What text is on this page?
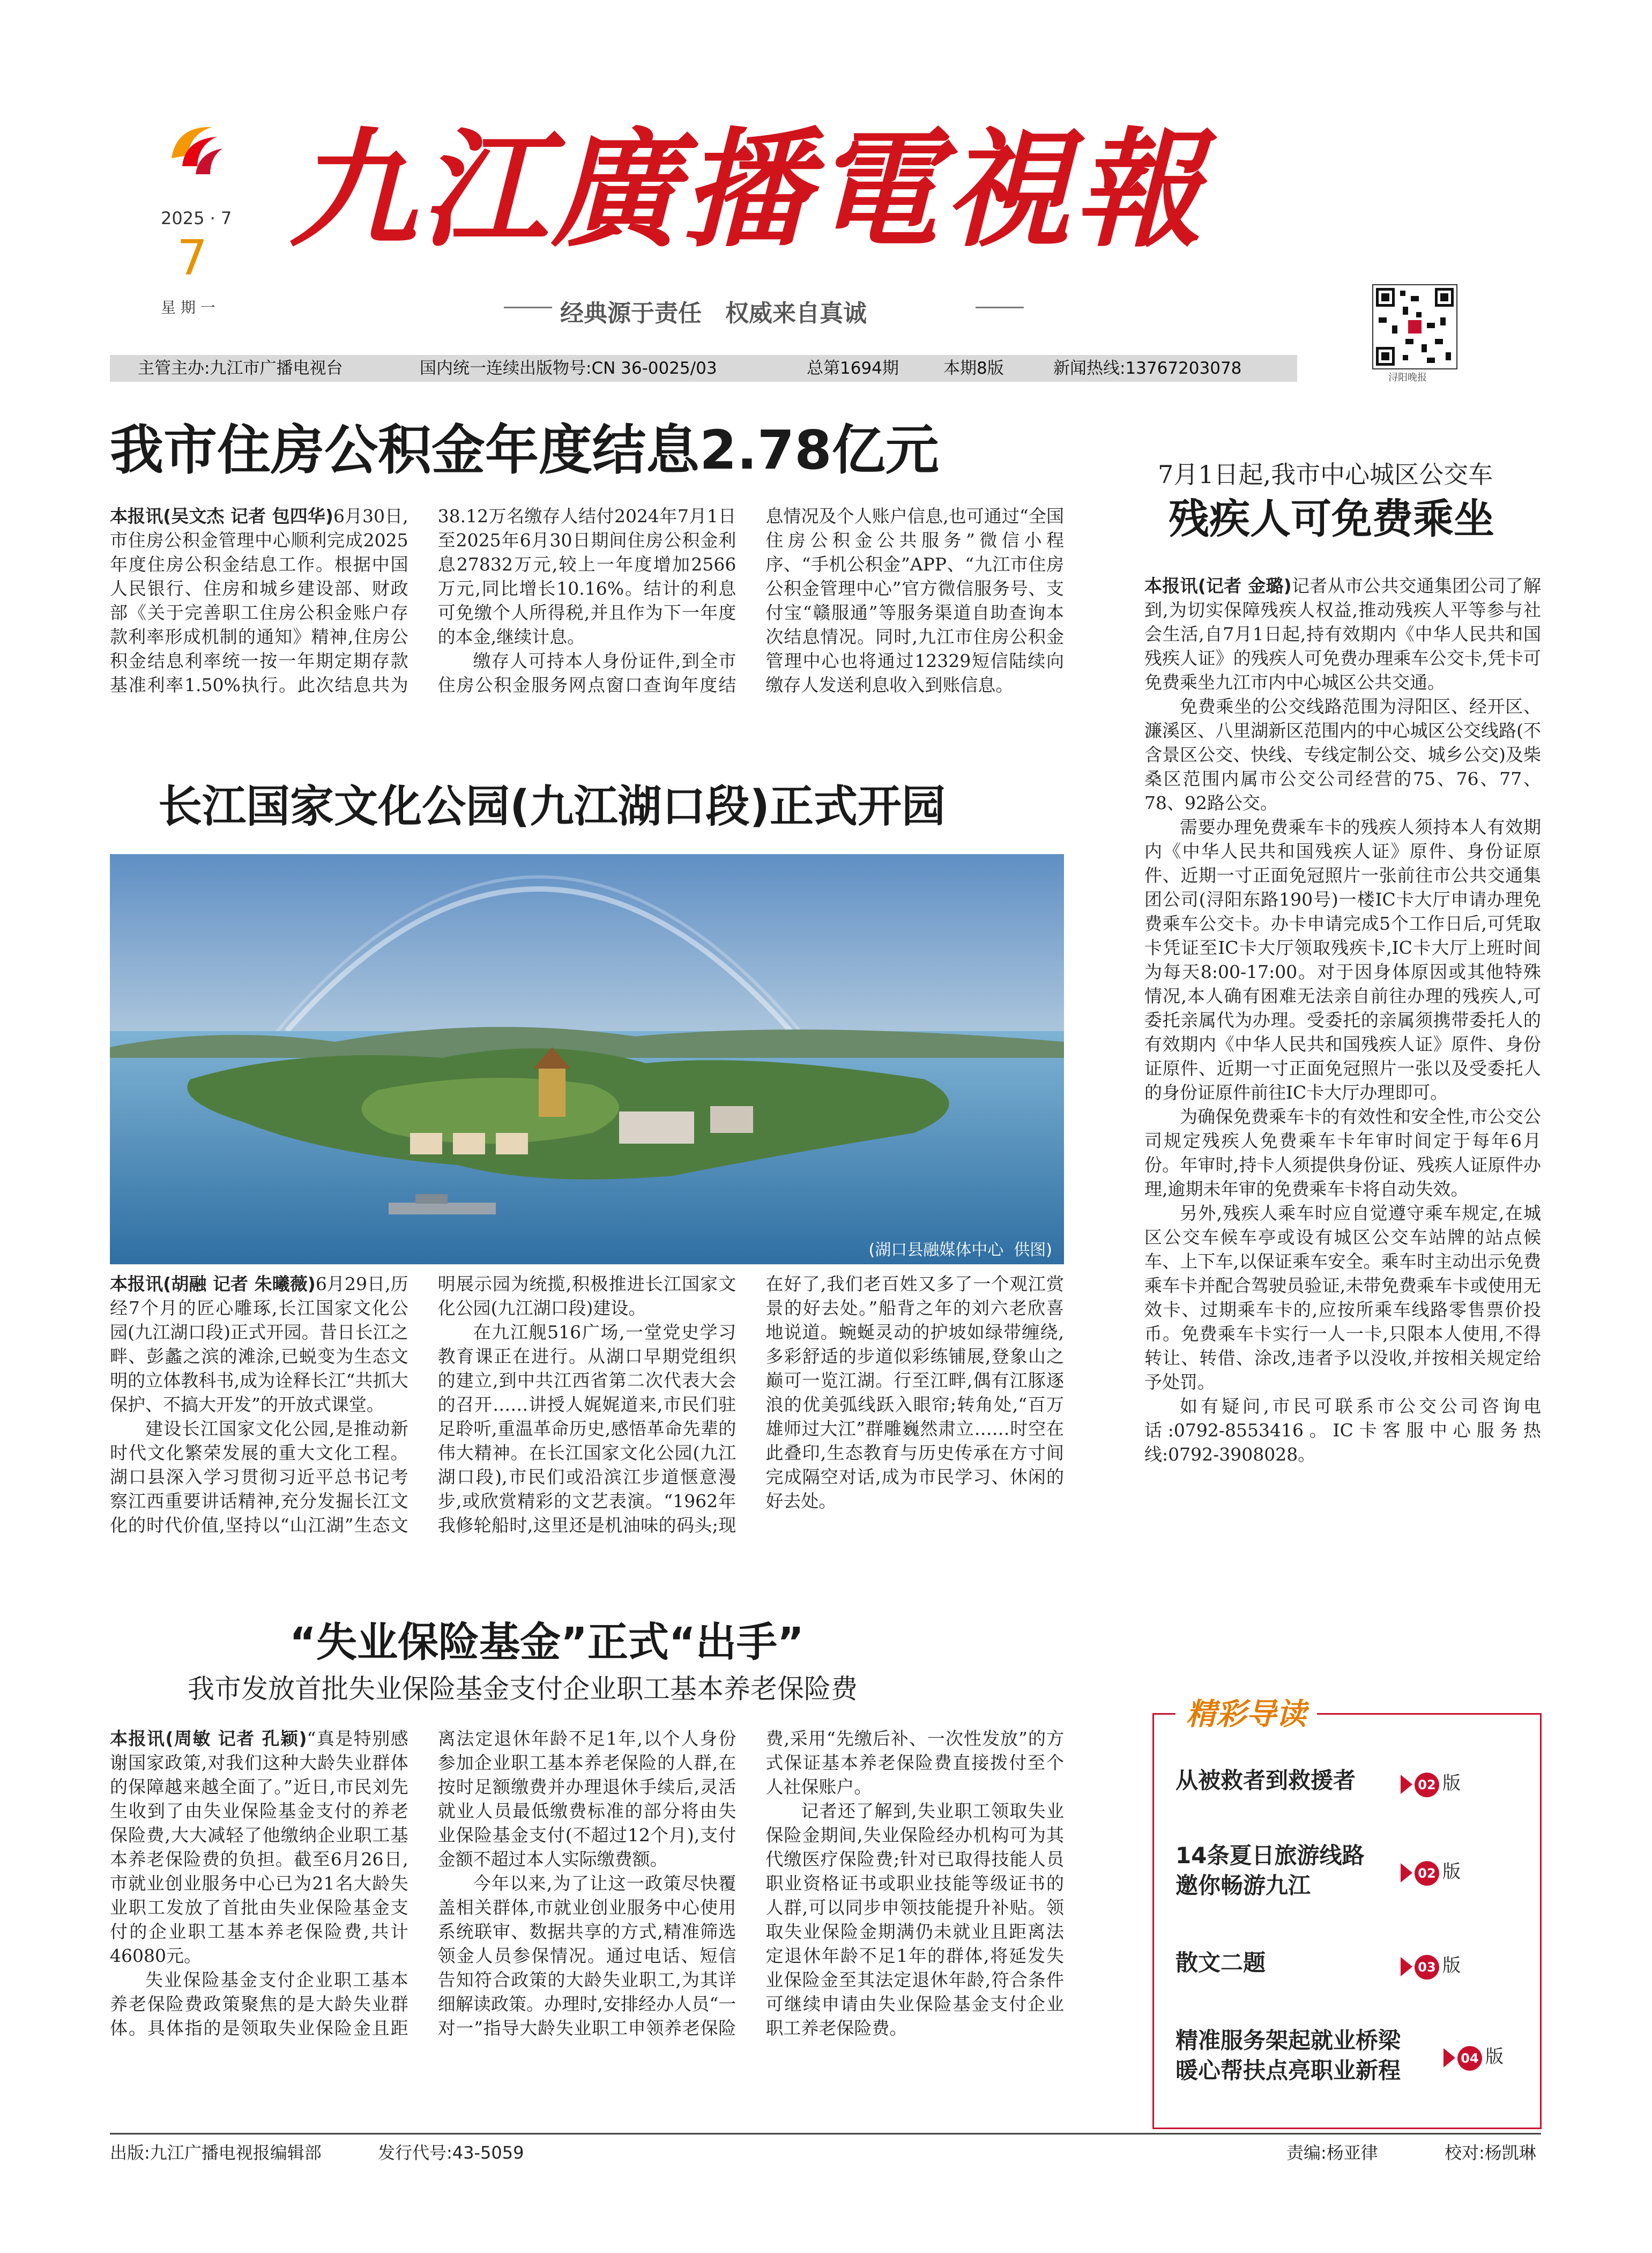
2025 · 7
7
星 期 一
九江廣播電視報
经典源于责任　权威来自真诚
浔阳晚报
主管主办:九江市广播电视台	国内统一连续出版物号:CN 36-0025/03	总第1694期	本期8版	新闻热线:13767203078
我市住房公积金年度结息2.78亿元

本报讯(吴文杰 记者 包四华)6月30日,市住房公积金管理中心顺利完成2025年度住房公积金结息工作。根据中国人民银行、住房和城乡建设部、财政部《关于完善职工住房公积金账户存款利率形成机制的通知》精神,住房公积金结息利率统一按一年期定期存款基准利率1.50%执行。此次结息共为38.12万名缴存人结付2024年7月1日至2025年6月30日期间住房公积金利息27832万元,较上一年度增加2566万元,同比增长10.16%。结计的利息可免缴个人所得税,并且作为下一年度的本金,继续计息。

缴存人可持本人身份证件,到全市住房公积金服务网点窗口查询年度结息情况及个人账户信息,也可通过“全国住房公积金公共服务”微信小程序、“手机公积金”APP、“九江市住房公积金管理中心”官方微信服务号、支付宝“赣服通”等服务渠道自助查询本次结息情况。同时,九江市住房公积金管理中心也将通过12329短信陆续向缴存人发送利息收入到账信息。

长江国家文化公园(九江湖口段)正式开园
(湖口县融媒体中心  供图)

本报讯(胡融 记者 朱曦薇)6月29日,历经7个月的匠心雕琢,长江国家文化公园(九江湖口段)正式开园。昔日长江之畔、彭蠡之滨的滩涂,已蜕变为生态文明的立体教科书,成为诠释长江“共抓大保护、不搞大开发”的开放式课堂。

建设长江国家文化公园,是推动新时代文化繁荣发展的重大文化工程。湖口县深入学习贯彻习近平总书记考察江西重要讲话精神,充分发掘长江文化的时代价值,坚持以“山江湖”生态文明展示园为统揽,积极推进长江国家文化公园(九江湖口段)建设。

在九江舰516广场,一堂党史学习教育课正在进行。从湖口早期党组织的建立,到中共江西省第二次代表大会的召开……讲授人娓娓道来,市民们驻足聆听,重温革命历史,感悟革命先辈的伟大精神。在长江国家文化公园(九江湖口段),市民们或沿滨江步道惬意漫步,或欣赏精彩的文艺表演。“1962年我修轮船时,这里还是机油味的码头;现在好了,我们老百姓又多了一个观江赏景的好去处。”船背之年的刘六老欣喜地说道。蜿蜒灵动的护坡如绿带缠绕,多彩舒适的步道似彩练铺展,登象山之巅可一览江湖。行至江畔,偶有江豚逐浪的优美弧线跃入眼帘;转角处,“百万雄师过大江”群雕巍然肃立……时空在此叠印,生态教育与历史传承在方寸间完成隔空对话,成为市民学习、休闲的好去处。

“失业保险基金”正式“出手”
我市发放首批失业保险基金支付企业职工基本养老保险费

本报讯(周敏 记者 孔颖)“真是特别感谢国家政策,对我们这种大龄失业群体的保障越来越全面了。”近日,市民刘先生收到了由失业保险基金支付的养老保险费,大大减轻了他缴纳企业职工基本养老保险费的负担。截至6月26日,市就业创业服务中心已为21名大龄失业职工发放了首批由失业保险基金支付的企业职工基本养老保险费,共计46080元。

失业保险基金支付企业职工基本养老保险费政策聚焦的是大龄失业群体。具体指的是领取失业保险金且距离法定退休年龄不足1年,以个人身份参加企业职工基本养老保险的人群,在按时足额缴费并办理退休手续后,灵活就业人员最低缴费标准的部分将由失业保险基金支付(不超过12个月),支付金额不超过本人实际缴费额。

今年以来,为了让这一政策尽快覆盖相关群体,市就业创业服务中心使用系统联审、数据共享的方式,精准筛选领金人员参保情况。通过电话、短信告知符合政策的大龄失业职工,为其详细解读政策。办理时,安排经办人员“一对一”指导大龄失业职工申领养老保险费,采用“先缴后补、一次性发放”的方式保证基本养老保险费直接拨付至个人社保账户。

记者还了解到,失业职工领取失业保险金期间,失业保险经办机构可为其代缴医疗保险费;针对已取得技能人员职业资格证书或职业技能等级证书的人群,可以同步申领技能提升补贴。领取失业保险金期满仍未就业且距离法定退休年龄不足1年的群体,将延发失业保险金至其法定退休年龄,符合条件可继续申请由失业保险基金支付企业职工养老保险费。

7月1日起,我市中心城区公交车
残疾人可免费乘坐

本报讯(记者 金璐)记者从市公共交通集团公司了解到,为切实保障残疾人权益,推动残疾人平等参与社会生活,自7月1日起,持有效期内《中华人民共和国残疾人证》的残疾人可免费办理乘车公交卡,凭卡可免费乘坐九江市内中心城区公共交通。

免费乘坐的公交线路范围为浔阳区、经开区、濂溪区、八里湖新区范围内的中心城区公交线路(不含景区公交、快线、专线定制公交、城乡公交)及柴桑区范围内属市公交公司经营的75、76、77、78、92路公交。

需要办理免费乘车卡的残疾人须持本人有效期内《中华人民共和国残疾人证》原件、身份证原件、近期一寸正面免冠照片一张前往市公共交通集团公司(浔阳东路190号)一楼IC卡大厅申请办理免费乘车公交卡。办卡申请完成5个工作日后,可凭取卡凭证至IC卡大厅领取残疾卡,IC卡大厅上班时间为每天8:00-17:00。对于因身体原因或其他特殊情况,本人确有困难无法亲自前往办理的残疾人,可委托亲属代为办理。受委托的亲属须携带委托人的有效期内《中华人民共和国残疾人证》原件、身份证原件、近期一寸正面免冠照片一张以及受委托人的身份证原件前往IC卡大厅办理即可。

为确保免费乘车卡的有效性和安全性,市公交公司规定残疾人免费乘车卡年审时间定于每年6月份。年审时,持卡人须提供身份证、残疾人证原件办理,逾期未年审的免费乘车卡将自动失效。

另外,残疾人乘车时应自觉遵守乘车规定,在城区公交车候车亭或设有城区公交车站牌的站点候车、上下车,以保证乘车安全。乘车时主动出示免费乘车卡并配合驾驶员验证,未带免费乘车卡或使用无效卡、过期乘车卡的,应按所乘车线路零售票价投币。免费乘车卡实行一人一卡,只限本人使用,不得转让、转借、涂改,违者予以没收,并按相关规定给予处罚。

如有疑问,市民可联系市公交公司咨询电话:0792-8553416。IC卡客服中心服务热线:0792-3908028。

精彩导读
从被救者到救援者	02 版
14条夏日旅游线路
邀你畅游九江	02 版
散文二题	03 版
精准服务架起就业桥梁
暖心帮扶点亮职业新程	04 版
出版:九江广播电视报编辑部	发行代号:43-5059	责编:杨亚律	校对:杨凯琳
